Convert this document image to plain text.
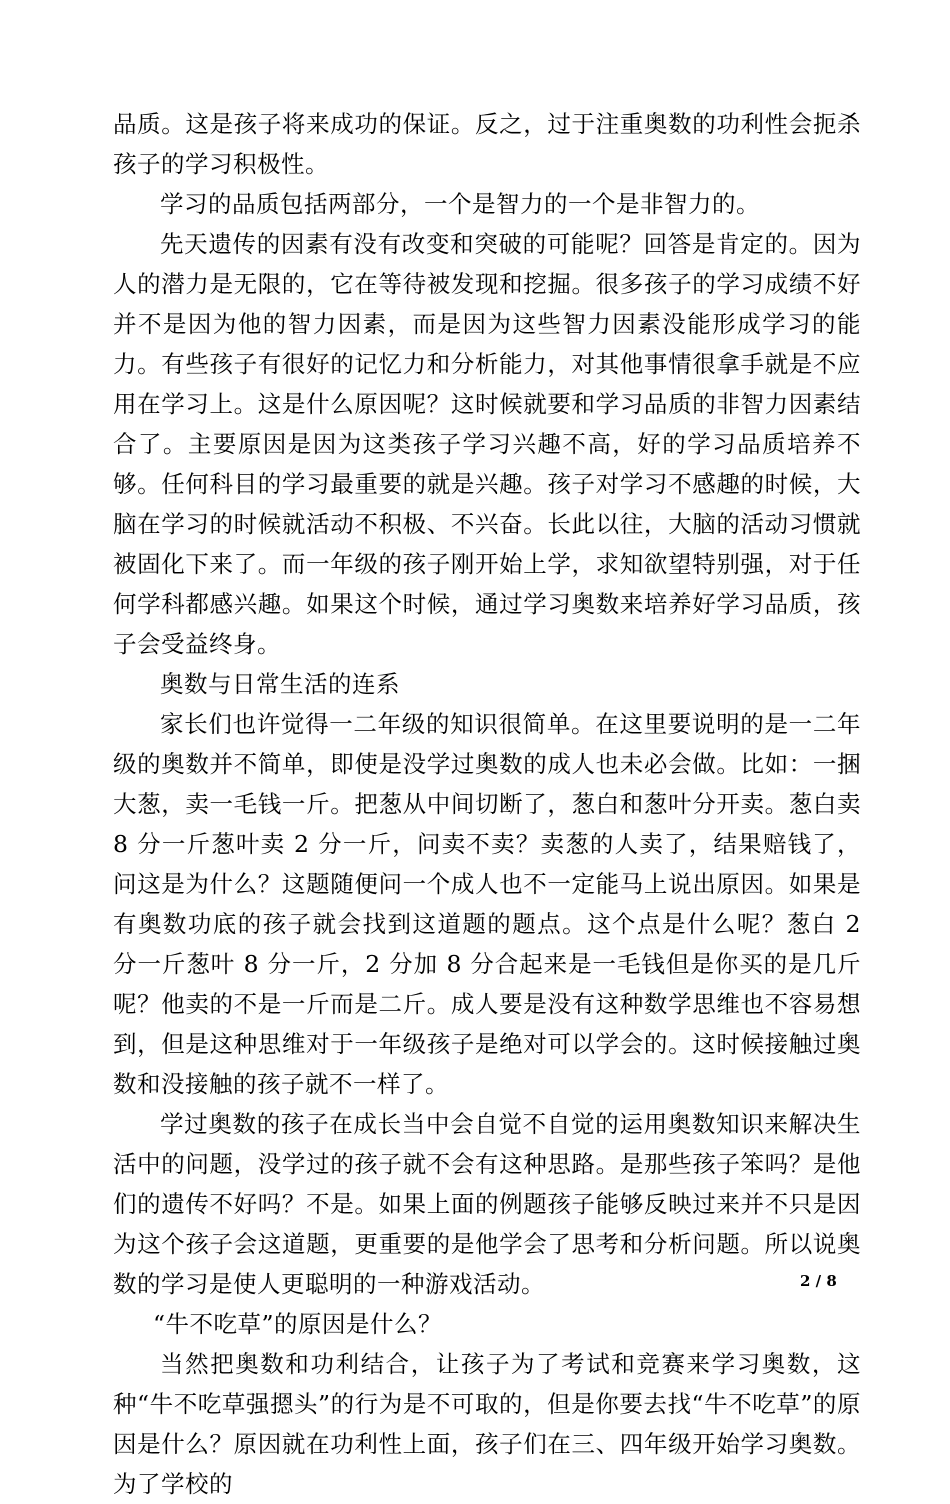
品质。这是孩子将来成功的保证。反之，过于注重奥数的功利性会扼杀孩子的学习积极性。

学习的品质包括两部分，一个是智力的一个是非智力的。

先天遗传的因素有没有改变和突破的可能呢？回答是肯定的。因为人的潜力是无限的，它在等待被发现和挖掘。很多孩子的学习成绩不好并不是因为他的智力因素，而是因为这些智力因素没能形成学习的能力。有些孩子有很好的记忆力和分析能力，对其他事情很拿手就是不应用在学习上。这是什么原因呢？这时候就要和学习品质的非智力因素结合了。主要原因是因为这类孩子学习兴趣不高，好的学习品质培养不够。任何科目的学习最重要的就是兴趣。孩子对学习不感趣的时候，大脑在学习的时候就活动不积极、不兴奋。长此以往，大脑的活动习惯就被固化下来了。而一年级的孩子刚开始上学，求知欲望特别强，对于任何学科都感兴趣。如果这个时候，通过学习奥数来培养好学习品质，孩子会受益终身。

奥数与日常生活的连系

家长们也许觉得一二年级的知识很简单。在这里要说明的是一二年级的奥数并不简单，即使是没学过奥数的成人也未必会做。比如：一捆大葱，卖一毛钱一斤。把葱从中间切断了，葱白和葱叶分开卖。葱白卖 8 分一斤葱叶卖 2 分一斤，问卖不卖？卖葱的人卖了，结果赔钱了，问这是为什么？这题随便问一个成人也不一定能马上说出原因。如果是有奥数功底的孩子就会找到这道题的题点。这个点是什么呢？葱白 2 分一斤葱叶 8 分一斤，2 分加 8 分合起来是一毛钱但是你买的是几斤呢？他卖的不是一斤而是二斤。成人要是没有这种数学思维也不容易想到，但是这种思维对于一年级孩子是绝对可以学会的。这时候接触过奥数和没接触的孩子就不一样了。

学过奥数的孩子在成长当中会自觉不自觉的运用奥数知识来解决生活中的问题，没学过的孩子就不会有这种思路。是那些孩子笨吗？是他们的遗传不好吗？不是。如果上面的例题孩子能够反映过来并不只是因为这个孩子会这道题，更重要的是他学会了思考和分析问题。所以说奥数的学习是使人更聪明的一种游戏活动。

“牛不吃草”的原因是什么？

当然把奥数和功利结合，让孩子为了考试和竞赛来学习奥数，这种“牛不吃草强摁头”的行为是不可取的，但是你要去找“牛不吃草”的原因是什么？原因就在功利性上面，孩子们在三、四年级开始学习奥数。为了学校的

2 / 8
